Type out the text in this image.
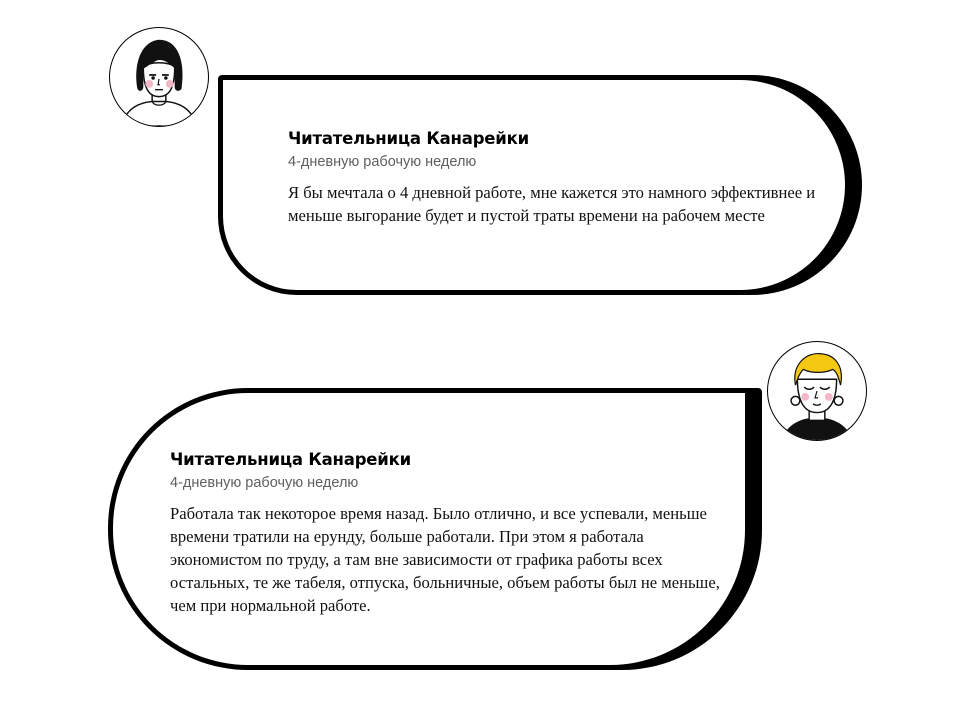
Читательница Канарейки
4-дневную рабочую неделю
Я бы мечтала о 4 дневной работе, мне кажется это намного эффективнее и меньше выгорание будет и пустой траты времени на рабочем месте
Читательница Канарейки
4-дневную рабочую неделю
Работала так некоторое время назад. Было отлично, и все успевали, меньше времени тратили на ерунду, больше работали. При этом я работала экономистом по труду, а там вне зависимости от графика работы всех остальных, те же табеля, отпуска, больничные, объем работы был не меньше, чем при нормальной работе.
